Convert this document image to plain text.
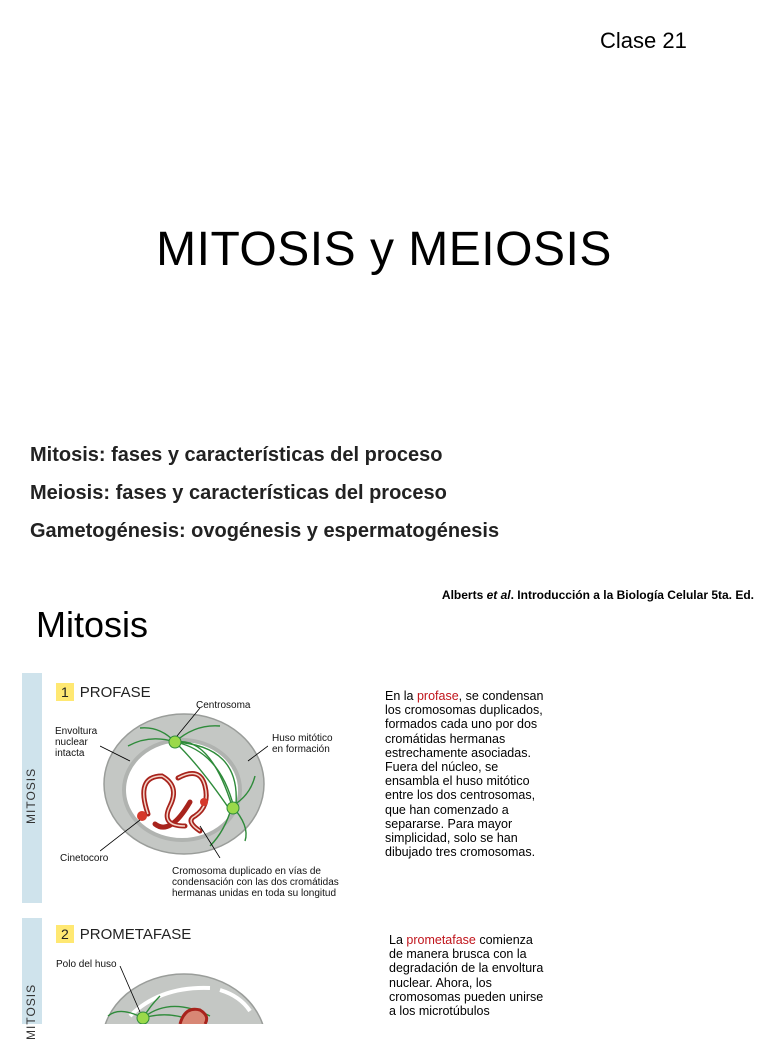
Clase 21
MITOSIS y MEIOSIS
Mitosis: fases y características del proceso
Meiosis: fases y características del proceso
Gametogénesis: ovogénesis y espermatogénesis
Alberts et al. Introducción a la Biología Celular 5ta. Ed.
Mitosis
MITOSIS
MITOSIS
1 PROFASE
Centrosoma
Envoltura
nuclear
intacta
Huso mitótico
en formación
Cinetocoro
Cromosoma duplicado en vías de
condensación con las dos cromátidas
hermanas unidas en toda su longitud
En la profase, se condensan los cromosomas duplicados, formados cada uno por dos cromátidas hermanas estrechamente asociadas. Fuera del núcleo, se ensambla el huso mitótico entre los dos centrosomas, que han comenzado a separarse. Para mayor simplicidad, solo se han dibujado tres cromosomas.
2 PROMETAFASE
Polo del huso
La prometafase comienza de manera brusca con la degradación de la envoltura nuclear. Ahora, los cromosomas pueden unirse a los microtúbulos
